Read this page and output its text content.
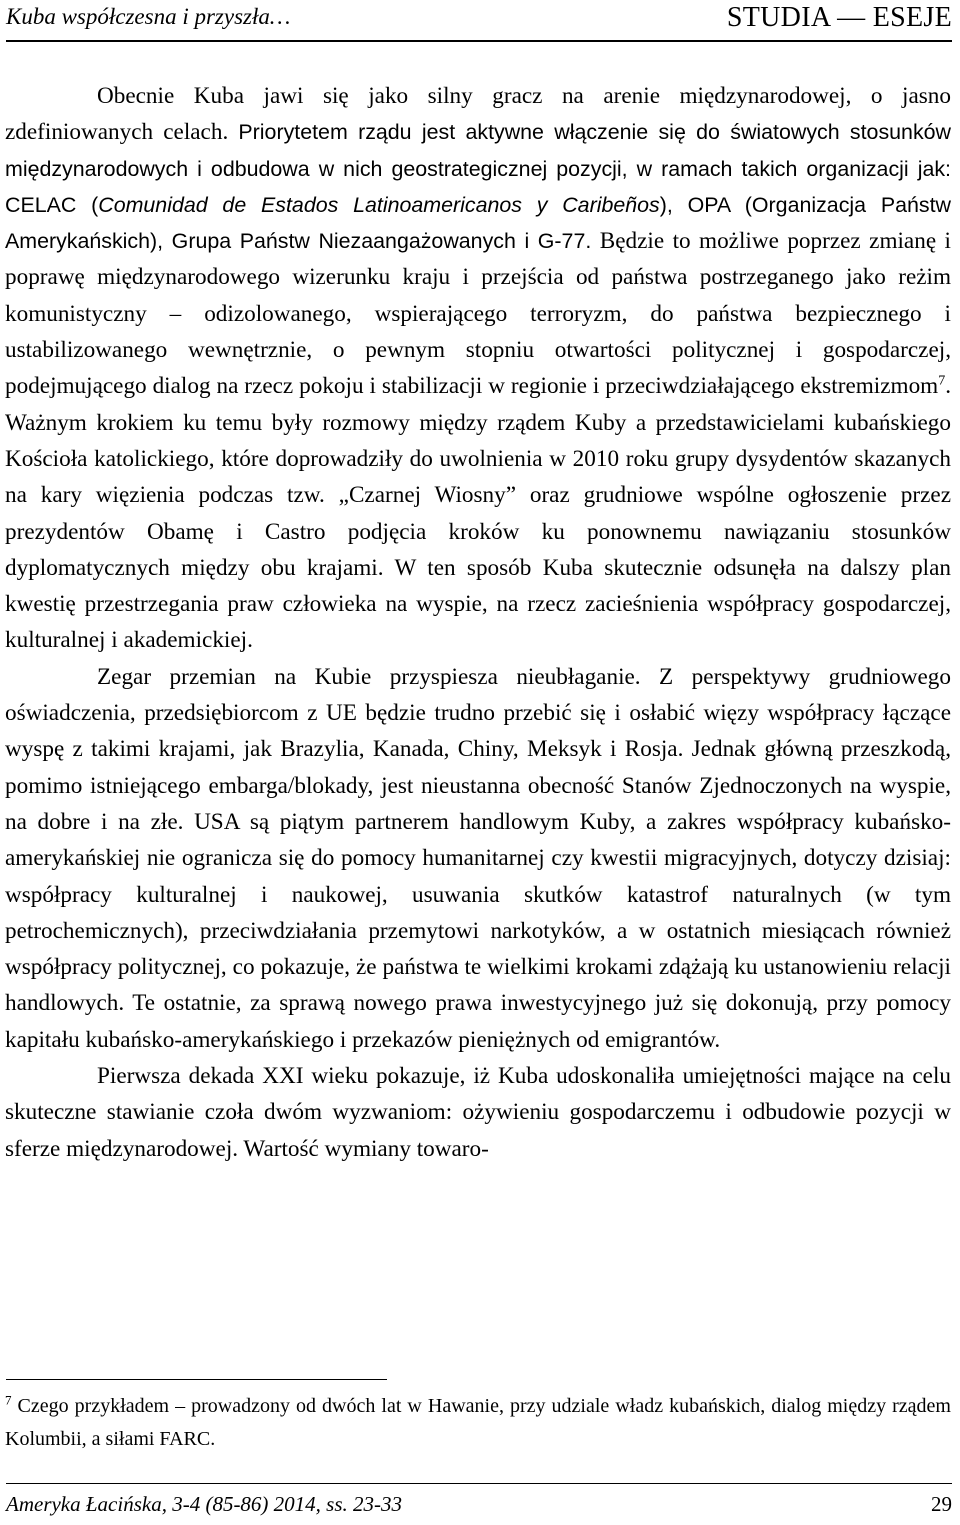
Kuba współczesna i przyszła…	STUDIA — ESEJE

Obecnie Kuba jawi się jako silny gracz na arenie międzynarodowej, o jasno zdefiniowanych celach. Priorytetem rządu jest aktywne włączenie się do światowych stosunków międzynarodowych i odbudowa w nich geostrategicznej pozycji, w ramach takich organizacji jak: CELAC (Comunidad de Estados Latinoamericanos y Caribeños), OPA (Organizacja Państw Amerykańskich), Grupa Państw Niezaangażowanych i G-77. Będzie to możliwe poprzez zmianę i poprawę międzynarodowego wizerunku kraju i przejścia od państwa postrzeganego jako reżim komunistyczny – odizolowanego, wspierającego terroryzm, do państwa bezpiecznego i ustabilizowanego wewnętrznie, o pewnym stopniu otwartości politycznej i gospodarczej, podejmującego dialog na rzecz pokoju i stabilizacji w regionie i przeciwdziałającego ekstremizmom$^7$. Ważnym krokiem ku temu były rozmowy między rządem Kuby a przedstawicielami kubańskiego Kościoła katolickiego, które doprowadziły do uwolnienia w 2010 roku grupy dysydentów skazanych na kary więzienia podczas tzw. „Czarnej Wiosny” oraz grudniowe wspólne ogłoszenie przez prezydentów Obamę i Castro podjęcia kroków ku ponownemu nawiązaniu stosunków dyplomatycznych między obu krajami. W ten sposób Kuba skutecznie odsunęła na dalszy plan kwestię przestrzegania praw człowieka na wyspie, na rzecz zacieśnienia współpracy gospodarczej, kulturalnej i akademickiej.

Zegar przemian na Kubie przyspiesza nieubłaganie. Z perspektywy grudniowego oświadczenia, przedsiębiorcom z UE będzie trudno przebić się i osłabić więzy współpracy łączące wyspę z takimi krajami, jak Brazylia, Kanada, Chiny, Meksyk i Rosja. Jednak główną przeszkodą, pomimo istniejącego embarga/blokady, jest nieustanna obecność Stanów Zjednoczonych na wyspie, na dobre i na złe. USA są piątym partnerem handlowym Kuby, a zakres współpracy kubańsko-amerykańskiej nie ogranicza się do pomocy humanitarnej czy kwestii migracyjnych, dotyczy dzisiaj: współpracy kulturalnej i naukowej, usuwania skutków katastrof naturalnych (w tym petrochemicznych), przeciwdziałania przemytowi narkotyków, a w ostatnich miesiącach również współpracy politycznej, co pokazuje, że państwa te wielkimi krokami zdążają ku ustanowieniu relacji handlowych. Te ostatnie, za sprawą nowego prawa inwestycyjnego już się dokonują, przy pomocy kapitału kubańsko-amerykańskiego i przekazów pieniężnych od emigrantów.

Pierwsza dekada XXI wieku pokazuje, iż Kuba udoskonaliła umiejętności mające na celu skuteczne stawianie czoła dwóm wyzwaniom: ożywieniu gospodarczemu i odbudowie pozycji w sferze międzynarodowej. Wartość wymiany towaro-

$^7$ Czego przykładem – prowadzony od dwóch lat w Hawanie, przy udziale władz kubańskich, dialog między rządem Kolumbii, a siłami FARC.
Ameryka Łacińska, 3-4 (85-86) 2014, ss. 23-33	29
